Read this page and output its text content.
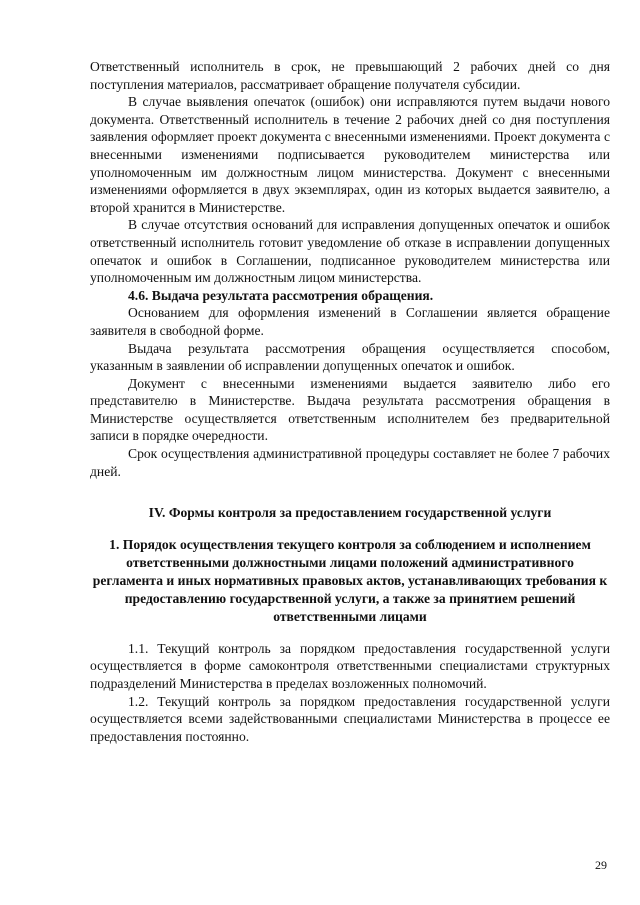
Ответственный исполнитель в срок, не превышающий 2 рабочих дней со дня поступления материалов, рассматривает обращение получателя субсидии.

В случае выявления опечаток (ошибок) они исправляются путем выдачи нового документа. Ответственный исполнитель в течение 2 рабочих дней со дня поступления заявления оформляет проект документа с внесенными изменениями. Проект документа с внесенными изменениями подписывается руководителем министерства или уполномоченным им должностным лицом министерства. Документ с внесенными изменениями оформляется в двух экземплярах, один из которых выдается заявителю, а второй хранится в Министерстве.

В случае отсутствия оснований для исправления допущенных опечаток и ошибок ответственный исполнитель готовит уведомление об отказе в исправлении допущенных опечаток и ошибок в Соглашении, подписанное руководителем министерства или уполномоченным им должностным лицом министерства.

4.6. Выдача результата рассмотрения обращения.

Основанием для оформления изменений в Соглашении является обращение заявителя в свободной форме.

Выдача результата рассмотрения обращения осуществляется способом, указанным в заявлении об исправлении допущенных опечаток и ошибок.

Документ с внесенными изменениями выдается заявителю либо его представителю в Министерстве. Выдача результата рассмотрения обращения в Министерстве осуществляется ответственным исполнителем без предварительной записи в порядке очередности.

Срок осуществления административной процедуры составляет не более 7 рабочих дней.

IV. Формы контроля за предоставлением государственной услуги

1. Порядок осуществления текущего контроля за соблюдением и исполнением ответственными должностными лицами положений административного регламента и иных нормативных правовых актов, устанавливающих требования к предоставлению государственной услуги, а также за принятием решений ответственными лицами

1.1. Текущий контроль за порядком предоставления государственной услуги осуществляется в форме самоконтроля ответственными специалистами структурных подразделений Министерства в пределах возложенных полномочий.

1.2. Текущий контроль за порядком предоставления государственной услуги осуществляется всеми задействованными специалистами Министерства в процессе ее предоставления постоянно.

29
